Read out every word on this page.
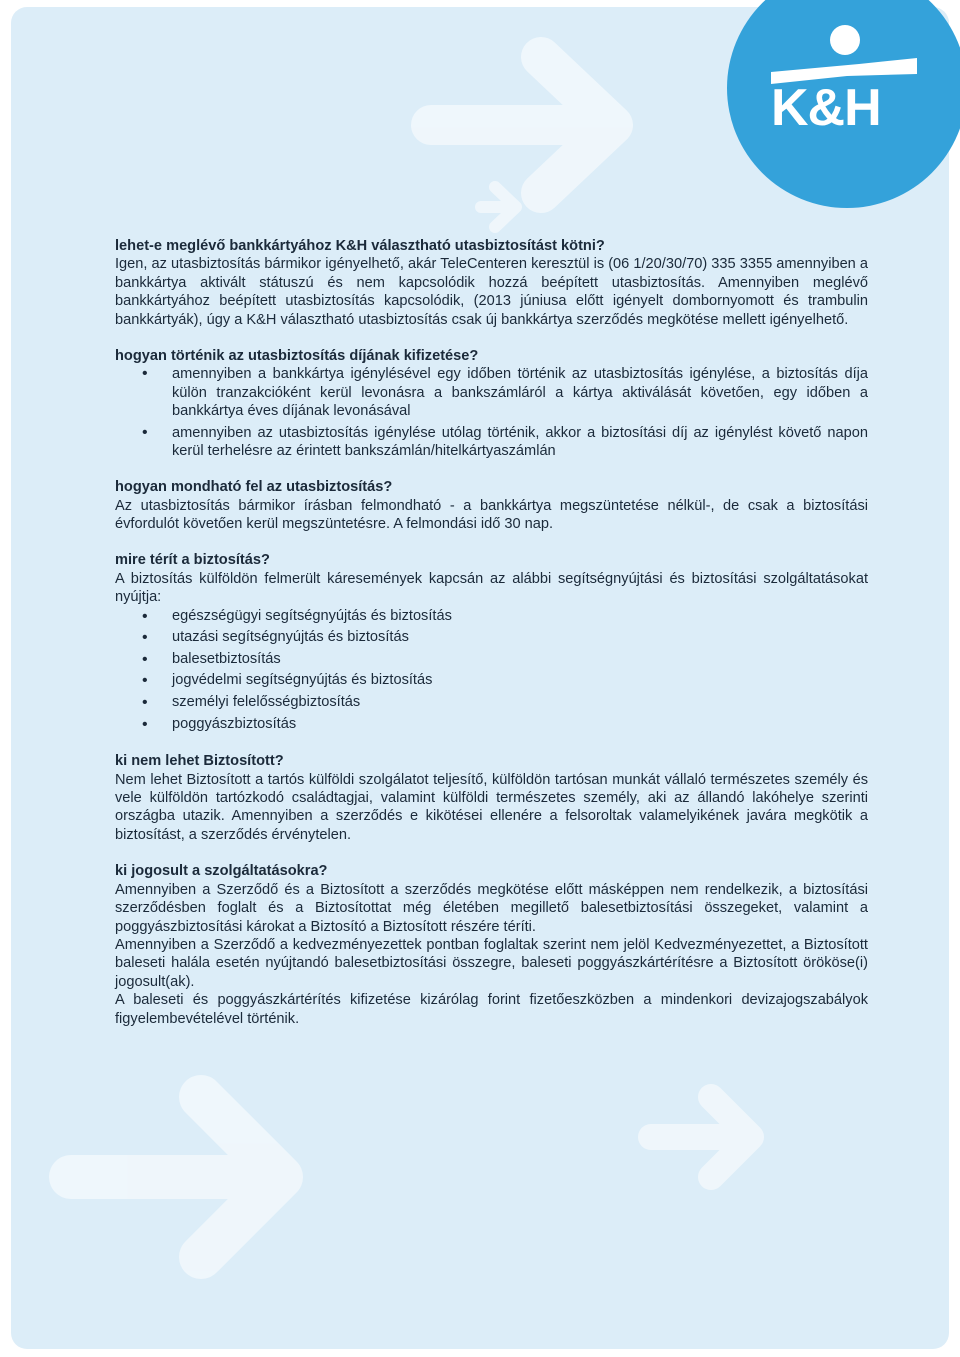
K&H
lehet-e meglévő bankkártyához K&H választható utasbiztosítást kötni?

Igen, az utasbiztosítás bármikor igényelhető, akár TeleCenteren keresztül is (06 1/20/30/70) 335 3355 amennyiben a bankkártya aktivált státuszú és nem kapcsolódik hozzá beépített utasbiztosítás. Amennyiben meglévő bankkártyához beépített utasbiztosítás kapcsolódik, (2013 júniusa előtt igényelt dombornyomott és trambulin bankkártyák), úgy a K&H választható utasbiztosítás csak új bankkártya szerződés megkötése mellett igényelhető.

hogyan történik az utasbiztosítás díjának kifizetése?
• amennyiben a bankkártya igénylésével egy időben történik az utasbiztosítás igénylése, a biztosítás díja külön tranzakcióként kerül levonásra a bankszámláról a kártya aktiválását követően, egy időben a bankkártya éves díjának levonásával
• amennyiben az utasbiztosítás igénylése utólag történik, akkor a biztosítási díj az igénylést követő napon kerül terhelésre az érintett bankszámlán/hitelkártyaszámlán
hogyan mondható fel az utasbiztosítás?

Az utasbiztosítás bármikor írásban felmondható - a bankkártya megszüntetése nélkül-, de csak a biztosítási évfordulót követően kerül megszüntetésre. A felmondási idő 30 nap.

mire térít a biztosítás?

A biztosítás külföldön felmerült káresemények kapcsán az alábbi segítségnyújtási és biztosítási szolgáltatásokat nyújtja:

• egészségügyi segítségnyújtás és biztosítás
• utazási segítségnyújtás és biztosítás
• balesetbiztosítás
• jogvédelmi segítségnyújtás és biztosítás
• személyi felelősségbiztosítás
• poggyászbiztosítás
ki nem lehet Biztosított?

Nem lehet Biztosított a tartós külföldi szolgálatot teljesítő, külföldön tartósan munkát vállaló természetes személy és vele külföldön tartózkodó családtagjai, valamint külföldi természetes személy, aki az állandó lakóhelye szerinti országba utazik. Amennyiben a szerződés e kikötései ellenére a felsoroltak valamelyikének javára megkötik a biztosítást, a szerződés érvénytelen.

ki jogosult a szolgáltatásokra?

Amennyiben a Szerződő és a Biztosított a szerződés megkötése előtt másképpen nem rendelkezik, a biztosítási szerződésben foglalt és a Biztosítottat még életében megillető balesetbiztosítási összegeket, valamint a poggyászbiztosítási károkat a Biztosító a Biztosított részére téríti.

Amennyiben a Szerződő a kedvezményezettek pontban foglaltak szerint nem jelöl Kedvezményezettet, a Biztosított baleseti halála esetén nyújtandó balesetbiztosítási összegre, baleseti poggyászkártérítésre a Biztosított örököse(i) jogosult(ak).

A baleseti és poggyászkártérítés kifizetése kizárólag forint fizetőeszközben a mindenkori devizajogszabályok figyelembevételével történik.
